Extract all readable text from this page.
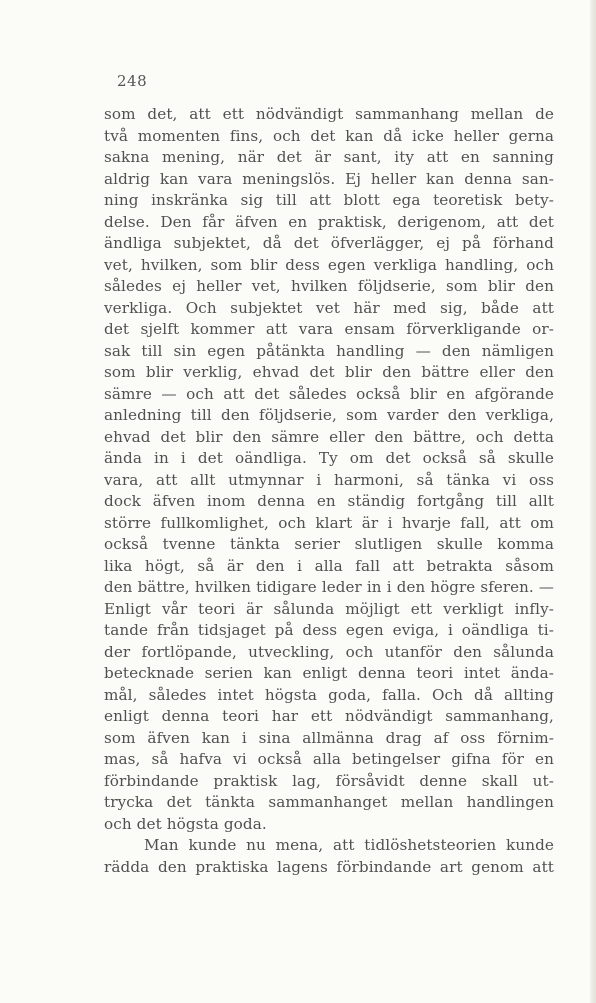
248
som det, att ett nödvändigt sammanhang mellan de
två momenten fins, och det kan då icke heller gerna
sakna mening, när det är sant, ity att en sanning
aldrig kan vara meningslös. Ej heller kan denna san-
ning inskränka sig till att blott ega teoretisk bety-
delse. Den får äfven en praktisk, derigenom, att det
ändliga subjektet, då det öfverlägger, ej på förhand
vet, hvilken, som blir dess egen verkliga handling, och
således ej heller vet, hvilken följdserie, som blir den
verkliga. Och subjektet vet här med sig, både att
det sjelft kommer att vara ensam förverkligande or-
sak till sin egen påtänkta handling — den nämligen
som blir verklig, ehvad det blir den bättre eller den
sämre — och att det således också blir en afgörande
anledning till den följdserie, som varder den verkliga,
ehvad det blir den sämre eller den bättre, och detta
ända in i det oändliga. Ty om det också så skulle
vara, att allt utmynnar i harmoni, så tänka vi oss
dock äfven inom denna en ständig fortgång till allt
större fullkomlighet, och klart är i hvarje fall, att om
också tvenne tänkta serier slutligen skulle komma
lika högt, så är den i alla fall att betrakta såsom
den bättre, hvilken tidigare leder in i den högre sferen. —
Enligt vår teori är sålunda möjligt ett verkligt infly-
tande från tidsjaget på dess egen eviga, i oändliga ti-
der fortlöpande, utveckling, och utanför den sålunda
betecknade serien kan enligt denna teori intet ända-
mål, således intet högsta goda, falla. Och då allting
enligt denna teori har ett nödvändigt sammanhang,
som äfven kan i sina allmänna drag af oss förnim-
mas, så hafva vi också alla betingelser gifna för en
förbindande praktisk lag, försåvidt denne skall ut-
trycka det tänkta sammanhanget mellan handlingen
och det högsta goda.
Man kunde nu mena, att tidlöshetsteorien kunde
rädda den praktiska lagens förbindande art genom att
